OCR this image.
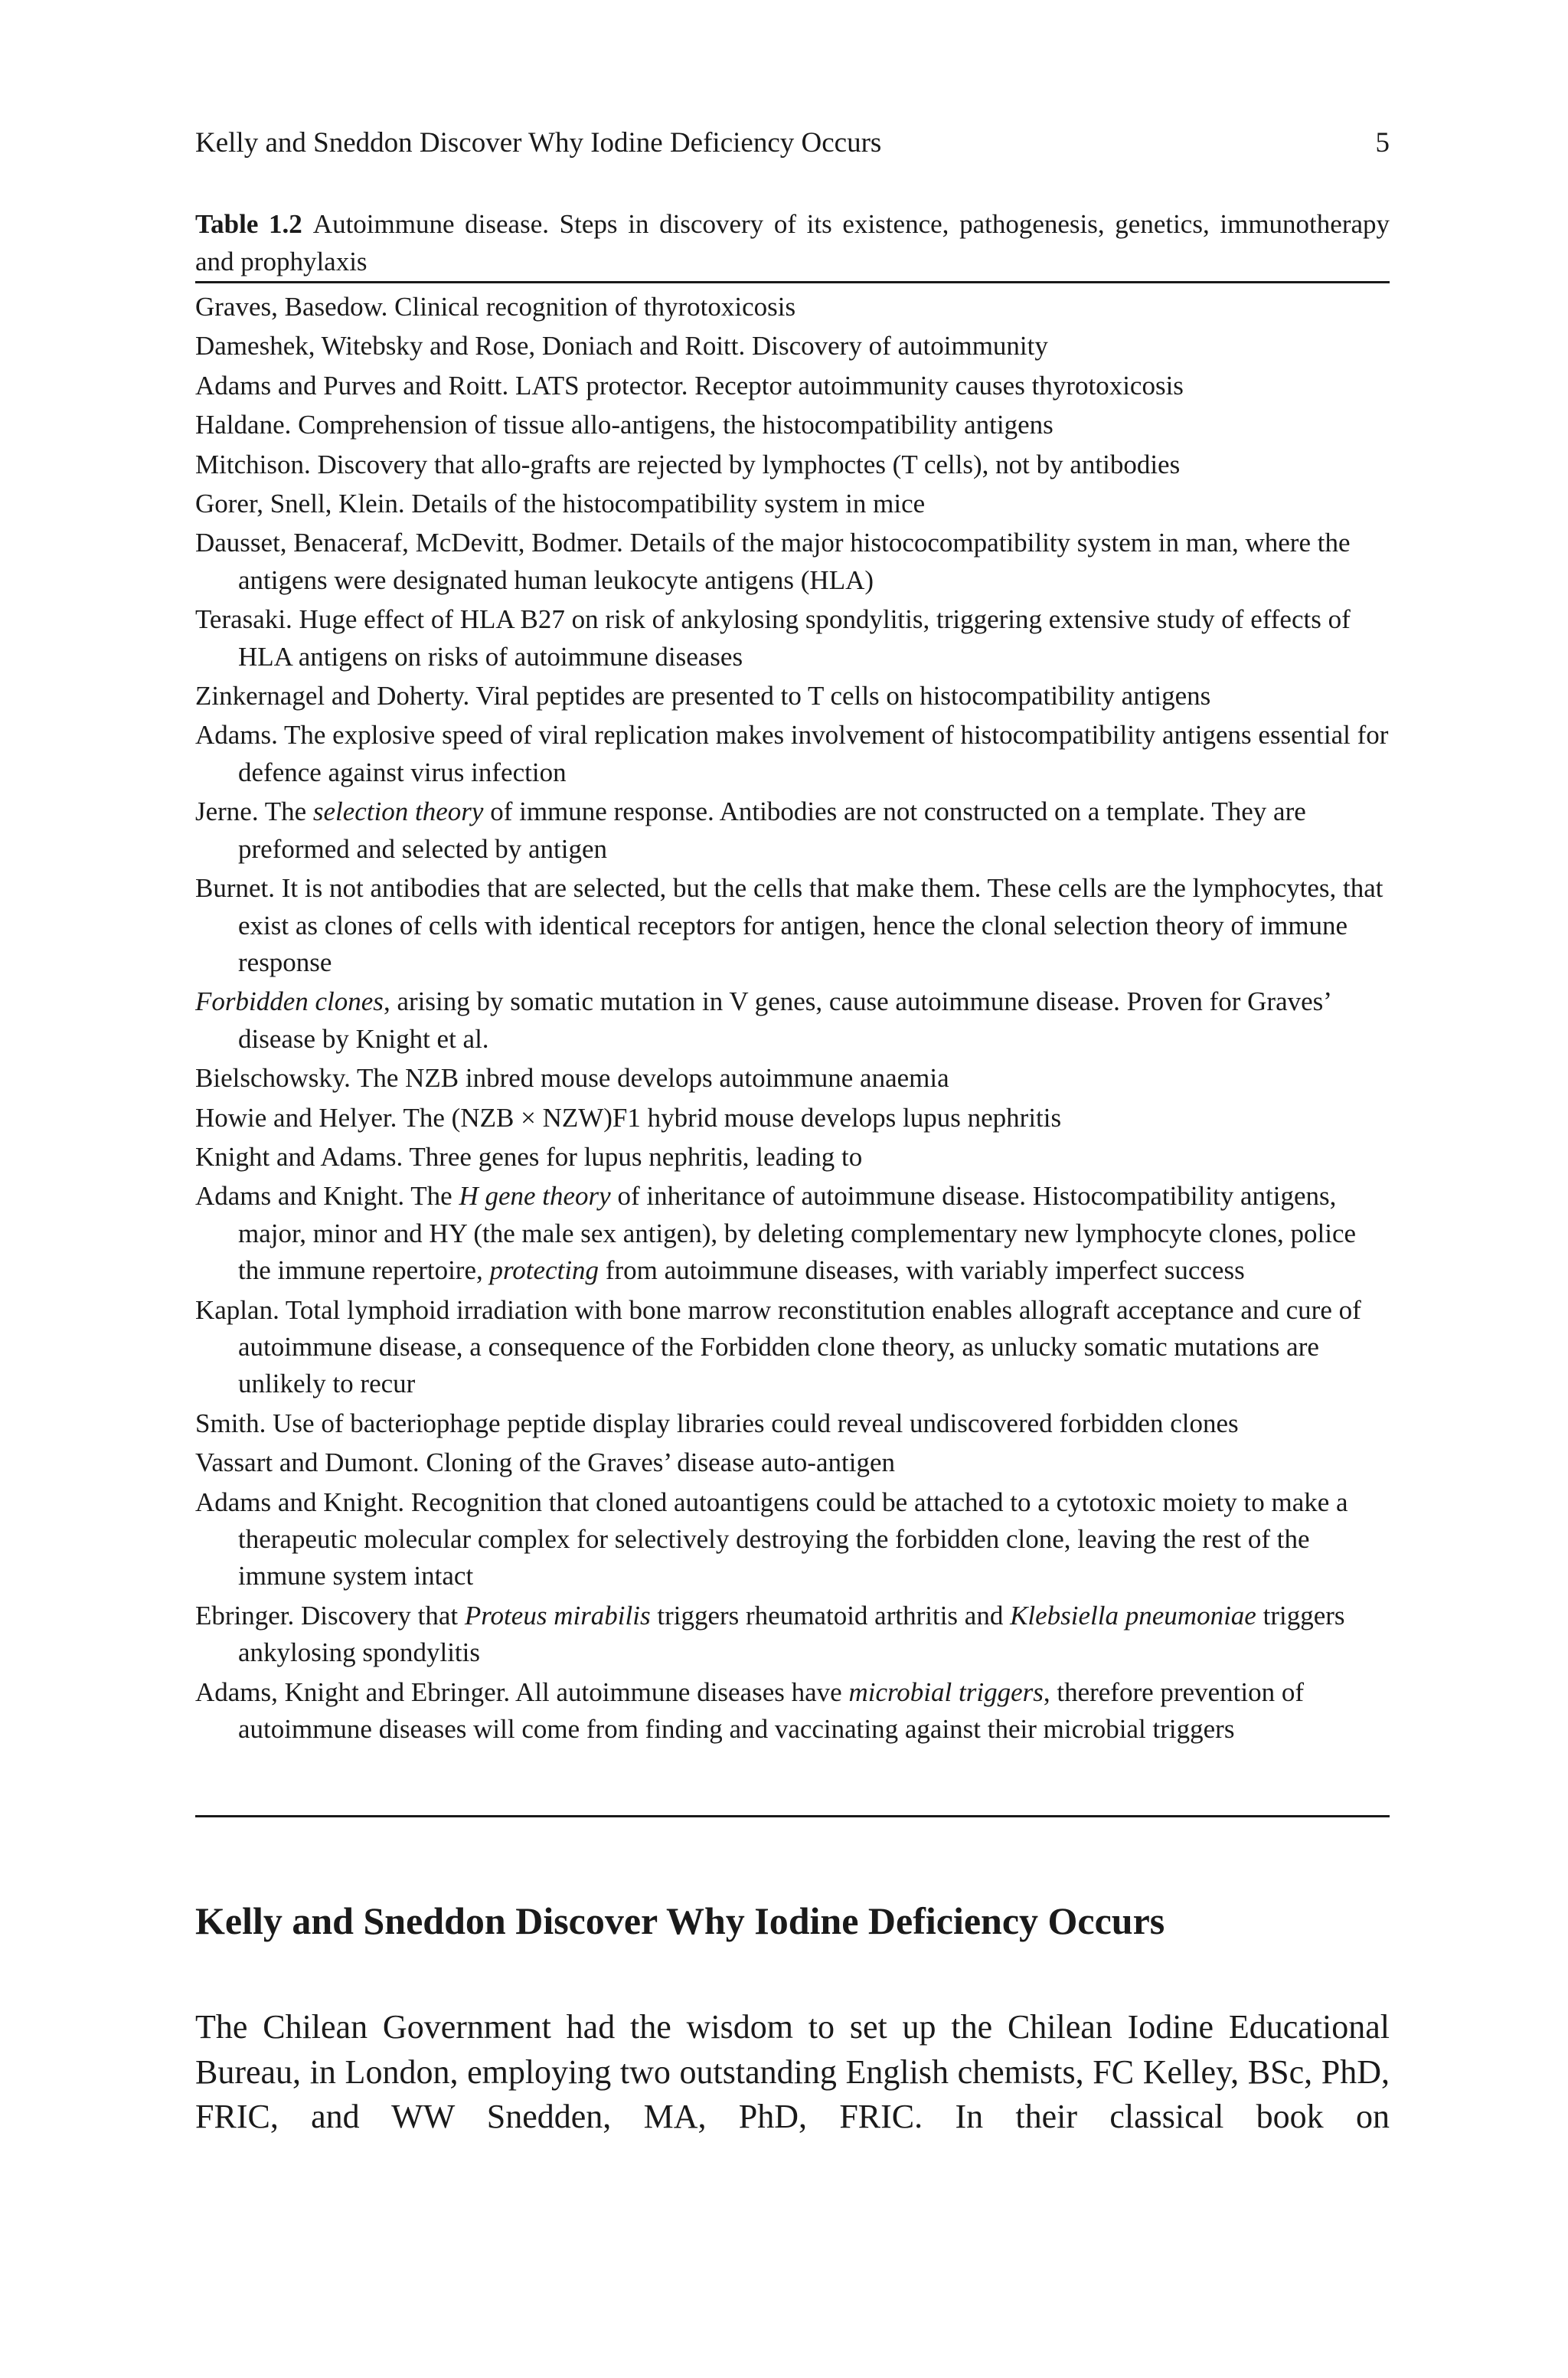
Kelly and Sneddon Discover Why Iodine Deficiency Occurs	5
Table 1.2 Autoimmune disease. Steps in discovery of its existence, pathogenesis, genetics, immunotherapy and prophylaxis
Graves, Basedow. Clinical recognition of thyrotoxicosis
Dameshek, Witebsky and Rose, Doniach and Roitt. Discovery of autoimmunity
Adams and Purves and Roitt. LATS protector. Receptor autoimmunity causes thyrotoxicosis
Haldane. Comprehension of tissue allo-antigens, the histocompatibility antigens
Mitchison. Discovery that allo-grafts are rejected by lymphoctes (T cells), not by antibodies
Gorer, Snell, Klein. Details of the histocompatibility system in mice
Dausset, Benaceraf, McDevitt, Bodmer. Details of the major histococompatibility system in man, where the antigens were designated human leukocyte antigens (HLA)
Terasaki. Huge effect of HLA B27 on risk of ankylosing spondylitis, triggering extensive study of effects of HLA antigens on risks of autoimmune diseases
Zinkernagel and Doherty. Viral peptides are presented to T cells on histocompatibility antigens
Adams. The explosive speed of viral replication makes involvement of histocompatibility antigens essential for defence against virus infection
Jerne. The selection theory of immune response. Antibodies are not constructed on a template. They are preformed and selected by antigen
Burnet. It is not antibodies that are selected, but the cells that make them. These cells are the lymphocytes, that exist as clones of cells with identical receptors for antigen, hence the clonal selection theory of immune response
Forbidden clones, arising by somatic mutation in V genes, cause autoimmune disease. Proven for Graves’ disease by Knight et al.
Bielschowsky. The NZB inbred mouse develops autoimmune anaemia
Howie and Helyer. The (NZB × NZW)F1 hybrid mouse develops lupus nephritis
Knight and Adams. Three genes for lupus nephritis, leading to
Adams and Knight. The H gene theory of inheritance of autoimmune disease. Histocompatibility antigens, major, minor and HY (the male sex antigen), by deleting complementary new lymphocyte clones, police the immune repertoire, protecting from autoimmune diseases, with variably imperfect success
Kaplan. Total lymphoid irradiation with bone marrow reconstitution enables allograft acceptance and cure of autoimmune disease, a consequence of the Forbidden clone theory, as unlucky somatic mutations are unlikely to recur
Smith. Use of bacteriophage peptide display libraries could reveal undiscovered forbidden clones
Vassart and Dumont. Cloning of the Graves’ disease auto-antigen
Adams and Knight. Recognition that cloned autoantigens could be attached to a cytotoxic moiety to make a therapeutic molecular complex for selectively destroying the forbidden clone, leaving the rest of the immune system intact
Ebringer. Discovery that Proteus mirabilis triggers rheumatoid arthritis and Klebsiella pneumoniae triggers ankylosing spondylitis
Adams, Knight and Ebringer. All autoimmune diseases have microbial triggers, therefore prevention of autoimmune diseases will come from finding and vaccinating against their microbial triggers
Kelly and Sneddon Discover Why Iodine Deficiency Occurs
The Chilean Government had the wisdom to set up the Chilean Iodine Educational Bureau, in London, employing two outstanding English chemists, FC Kelley, BSc, PhD, FRIC, and WW Snedden, MA, PhD, FRIC. In their classical book on
